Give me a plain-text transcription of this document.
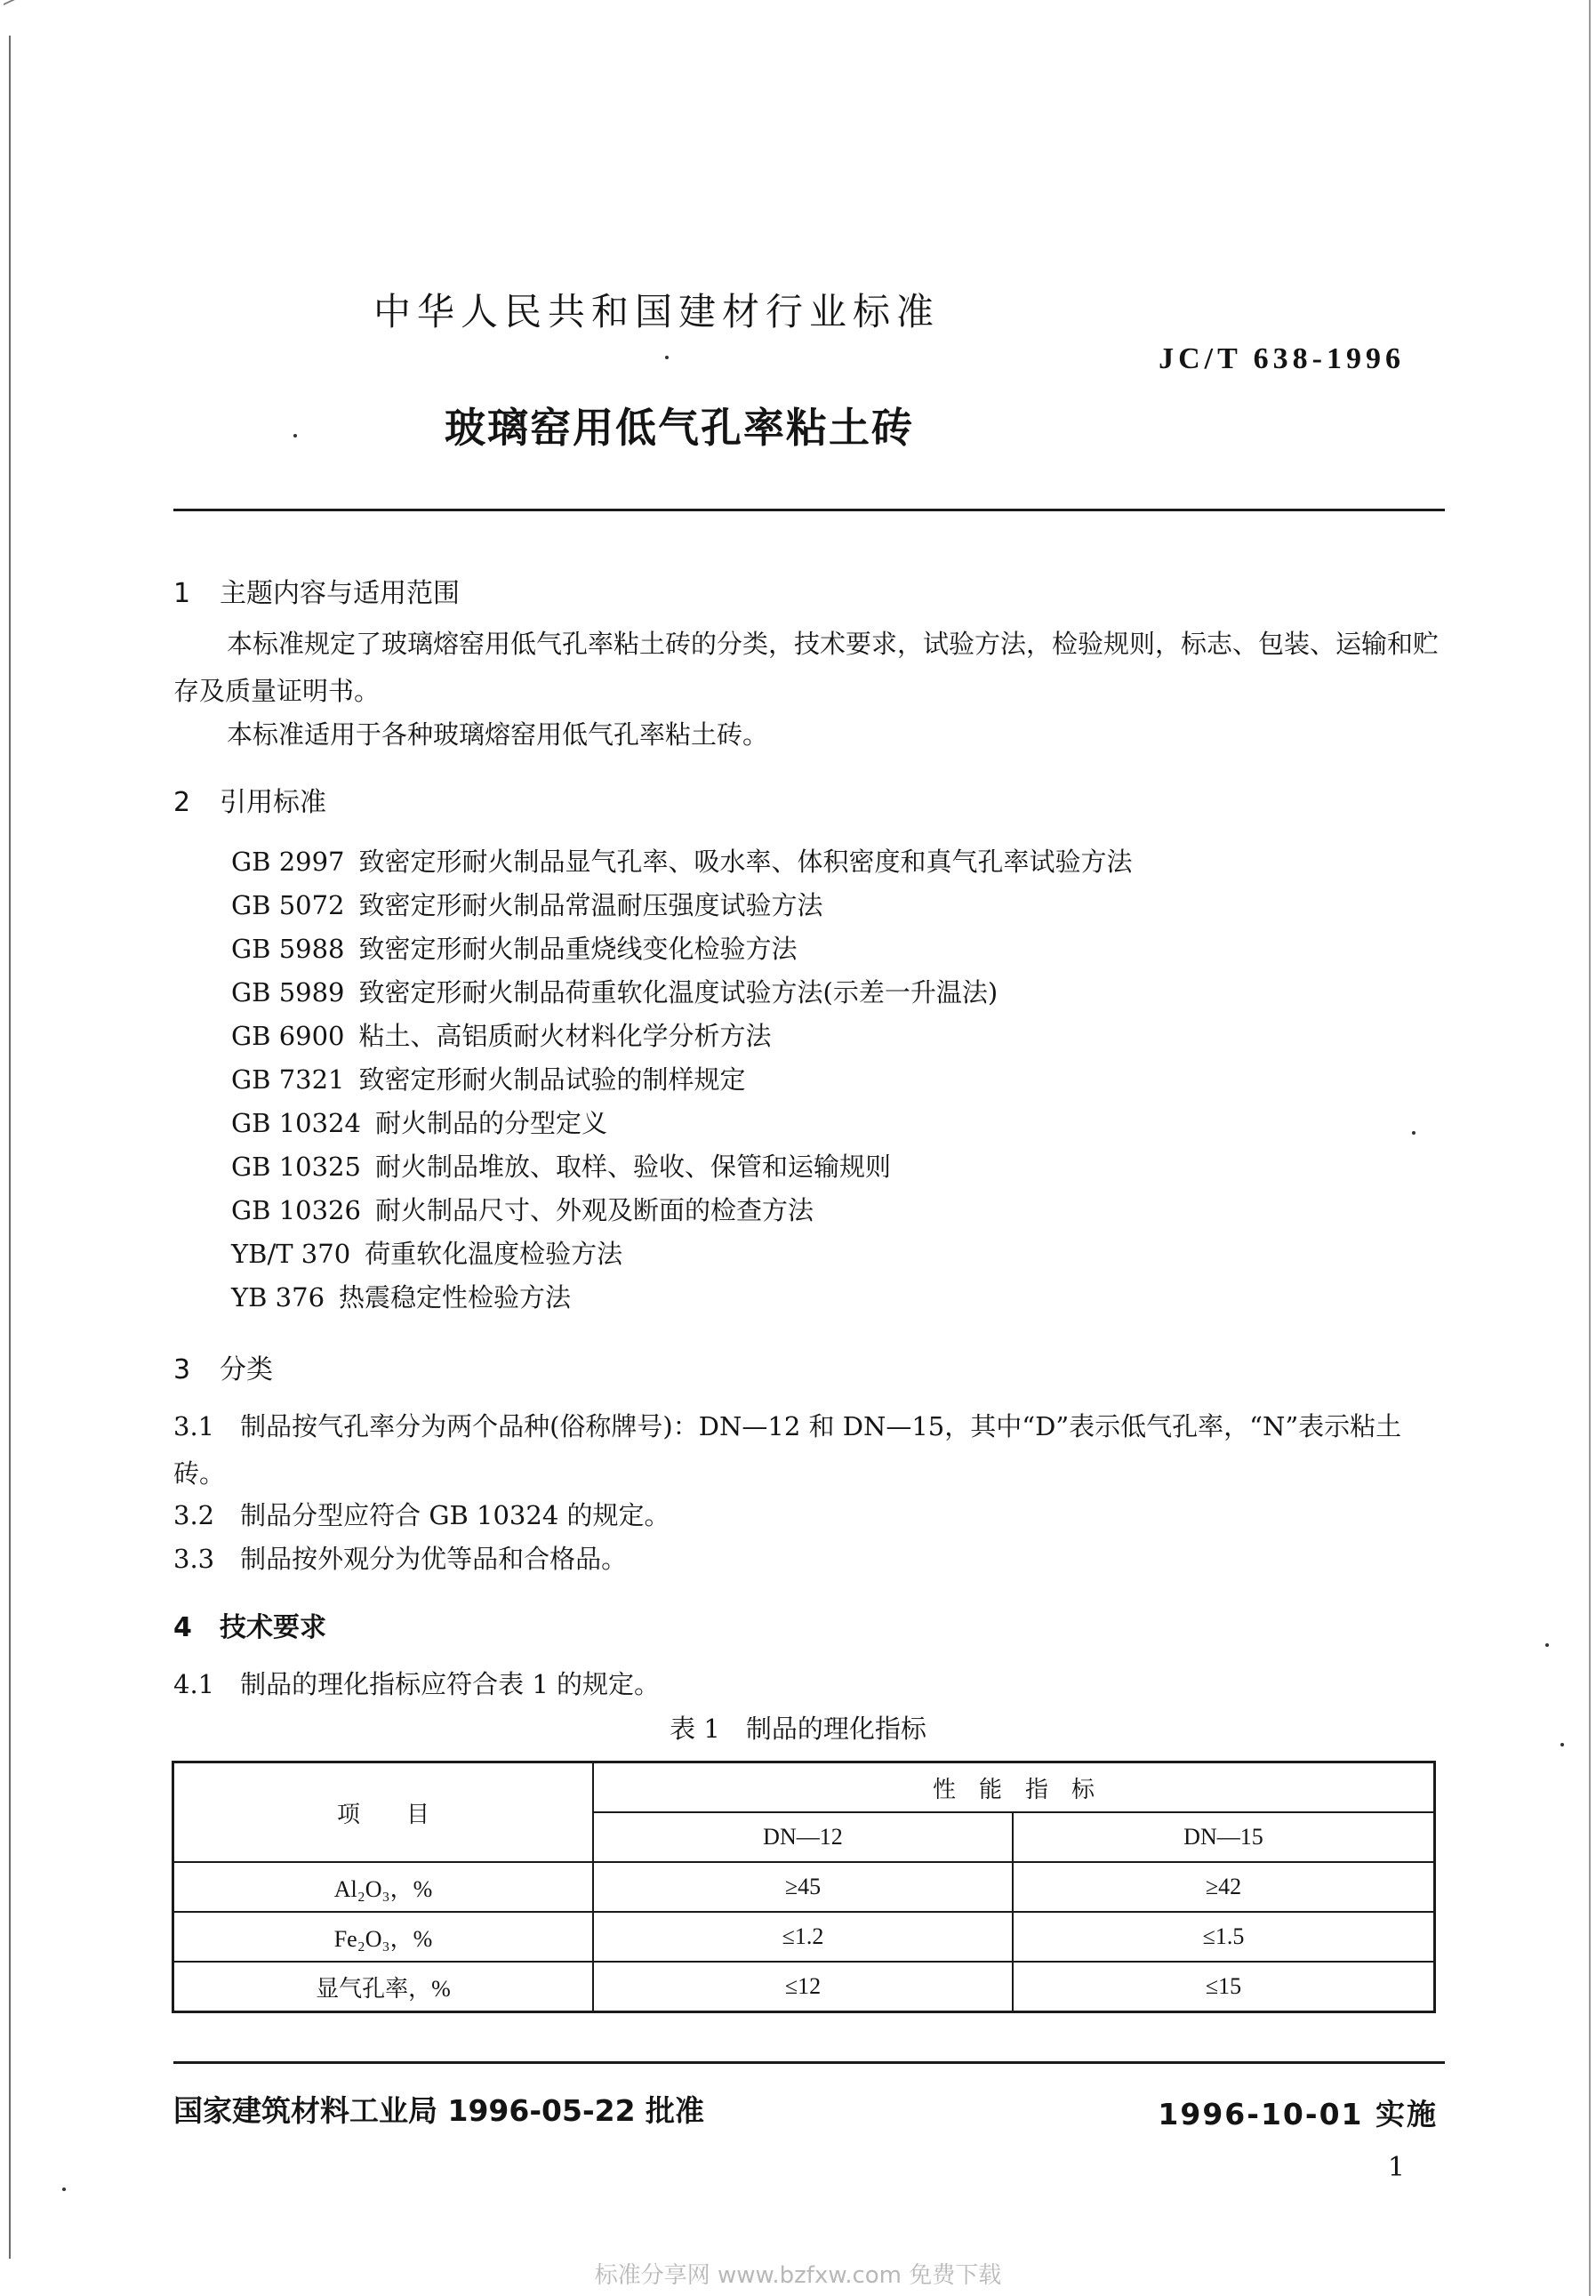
中华人民共和国建材行业标准
JC/T 638-1996
玻璃窑用低气孔率粘土砖
1 主题内容与适用范围
本标准规定了玻璃熔窑用低气孔率粘土砖的分类，技术要求，试验方法，检验规则，标志、包装、运输和贮存及质量证明书。
本标准适用于各种玻璃熔窑用低气孔率粘土砖。
2 引用标准
GB 2997 致密定形耐火制品显气孔率、吸水率、体积密度和真气孔率试验方法
GB 5072 致密定形耐火制品常温耐压强度试验方法
GB 5988 致密定形耐火制品重烧线变化检验方法
GB 5989 致密定形耐火制品荷重软化温度试验方法(示差一升温法)
GB 6900 粘土、高铝质耐火材料化学分析方法
GB 7321 致密定形耐火制品试验的制样规定
GB 10324 耐火制品的分型定义
GB 10325 耐火制品堆放、取样、验收、保管和运输规则
GB 10326 耐火制品尺寸、外观及断面的检查方法
YB/T 370 荷重软化温度检验方法
YB 376 热震稳定性检验方法
3 分类
3.1　制品按气孔率分为两个品种(俗称牌号)：DN—12 和 DN—15，其中“D”表示低气孔率，“N”表示粘土砖。
3.2　制品分型应符合 GB 10324 的规定。
3.3　制品按外观分为优等品和合格品。
4 技术要求
4.1　制品的理化指标应符合表 1 的规定。
表 1　制品的理化指标
项　　目	性　能　指　标	
	DN—12	DN—15
Al₂O₃，%	≥45	≥42
Fe₂O₃，%	≤1.2	≤1.5
显气孔率，%	≤12	≤15
国家建筑材料工业局 1996-05-22 批准	1996-10-01 实施
1
标准分享网 www.bzfxw.com 免费下载
